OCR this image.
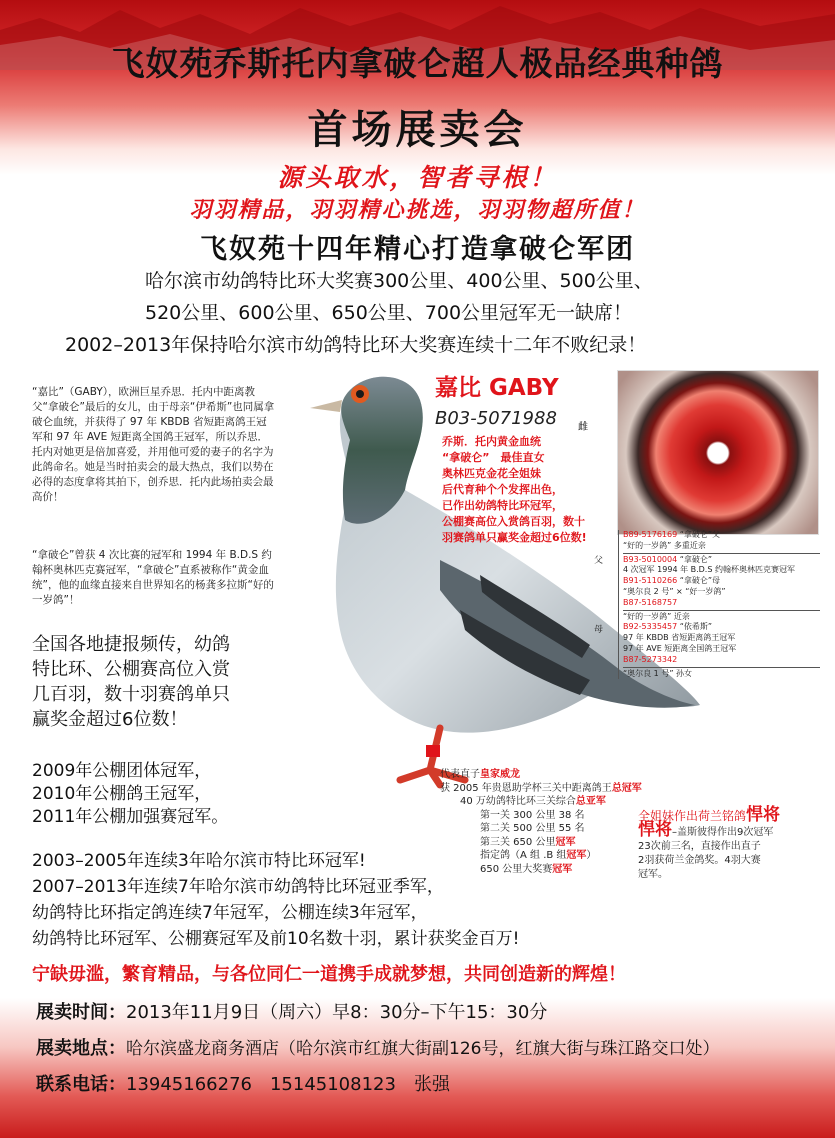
飞奴苑乔斯托内拿破仑超人极品经典种鸽
首场展卖会
源头取水，智者寻根！
羽羽精品，羽羽精心挑选，羽羽物超所值！
飞奴苑十四年精心打造拿破仑军团
哈尔滨市幼鸽特比环大奖赛300公里、400公里、500公里、
520公里、600公里、650公里、700公里冠军无一缺席！
2002–2013年保持哈尔滨市幼鸽特比环大奖赛连续十二年不败纪录！
“嘉比”（GABY），欧洲巨星乔思．托内中距离教父“拿破仑”最后的女儿，由于母亲“伊希斯”也同属拿破仑血统，并获得了 97 年 KBDB 省短距离鸽王冠军和 97 年 AVE 短距离全国鸽王冠军，所以乔思．托内对她更是倍加喜爱，并用他可爱的妻子的名字为此鸽命名。她是当时拍卖会的最大热点，我们以势在必得的态度拿将其拍下，创乔思．托内此场拍卖会最高价！
“拿破仑”曾获 4 次比赛的冠军和 1994 年 B.D.S 约翰杯奥林匹克赛冠军，“拿破仑”直系被称作“黄金血统”，他的血缘直接来自世界知名的杨龚多拉斯“好的一岁鸽”！
全国各地捷报频传，幼鸽
特比环、公棚赛高位入赏
几百羽，数十羽赛鸽单只
赢奖金超过6位数！
2009年公棚团体冠军，
2010年公棚鸽王冠军，
2011年公棚加强赛冠军。
2003–2005年连续3年哈尔滨市特比环冠军!
2007–2013年连续7年哈尔滨市幼鸽特比环冠亚季军，
幼鸽特比环指定鸽连续7年冠军，公棚连续3年冠军，
幼鸽特比环冠军、公棚赛冠军及前10名数十羽，累计获奖金百万!
嘉比 GABY
B03-5071988 雌
乔斯．托内黄金血统
“拿破仑”　最佳直女
奥林匹克金花全姐妹
后代育种个个发挥出色，
已作出幼鸽特比环冠军，
公棚赛高位入赏鸽百羽，数十
羽赛鸽单只赢奖金超过6位数!
父
母
B89-5176169 “拿破仑”父
“好的一岁鸽” 多重近亲
B93-5010004 “拿破仑”
4 次冠军 1994 年 B.D.S 约翰杯奥林匹克赛冠军
B91-5110266 “拿破仑”母
“奥尔良 2 号” × “好一岁鸽”
B87-5168757
“好的一岁鸽” 近亲
B92-5335457 “依希斯”
97 年 KBDB 省短距离鸽王冠军
97 年 AVE 短距离全国鸽王冠军
B87-5273342
“奥尔良 1 号” 孙女
代表直子皇家威龙
获 2005 年贵恩助学杯三关中距离鸽王总冠军
40 万幼鸽特比环三关综合总亚军
第一关 300 公里 38 名
第二关 500 公里 55 名
第三关 650 公里冠军
指定鸽（A 组 .B 组冠军）
650 公里大奖赛冠军
全姐妹作出荷兰铭鸽悍将
悍将–盖斯彼得作出9次冠军
23次前三名，直接作出直子
2羽获荷兰金鸽奖。4羽大赛
冠军。
宁缺毋滥，繁育精品，与各位同仁一道携手成就梦想，共同创造新的辉煌！
展卖时间：2013年11月9日（周六）早8：30分–下午15：30分
展卖地点：哈尔滨盛龙商务酒店（哈尔滨市红旗大街副126号，红旗大街与珠江路交口处）
联系电话：13945166276　15145108123　张强
